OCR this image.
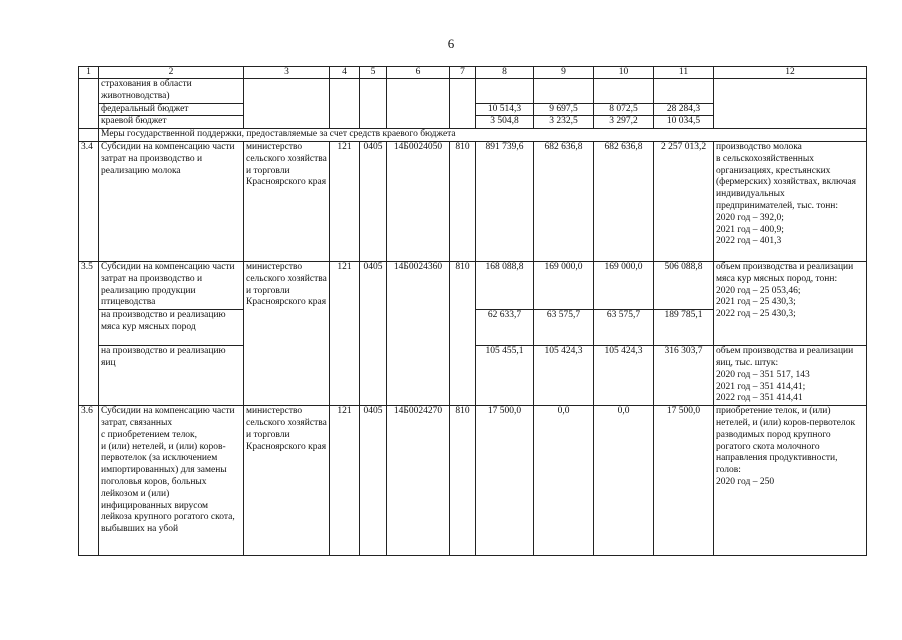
6
1	2	3	4	5	6	7	8	9	10	11	12
	страхования в области животноводства)										
	федеральный бюджет						10 514,3	9 697,5	8 072,5	28 284,3	
	краевой бюджет						3 504,8	3 232,5	3 297,2	10 034,5	
	Меры государственной поддержки, предоставляемые за счет средств краевого бюджета										
3.4	Субсидии на компенсацию части затрат на производство и реализацию молока	министерство сельского хозяйства и торговли Красноярского края	121	0405	14Б0024050	810	891 739,6	682 636,8	682 636,8	2 257 013,2	производство молока
в сельскохозяйственных организациях, крестьянских (фермерских) хозяйствах, включая индивидуальных предпринимателей, тыс. тонн:
2020 год – 392,0;
2021 год – 400,9;
2022 год – 401,3
3.5	Субсидии на компенсацию части затрат на производство и реализацию продукции птицеводства	министерство сельского хозяйства и торговли Красноярского края	121	0405	14Б0024360	810	168 088,8	169 000,0	169 000,0	506 088,8	объем производства и реализации мяса кур мясных пород, тонн:
2020 год – 25 053,46;
2021 год – 25 430,3;
2022 год – 25 430,3;
	на производство и реализацию мяса кур мясных пород						62 633,7	63 575,7	63 575,7	189 785,1	
	на производство и реализацию яиц						105 455,1	105 424,3	105 424,3	316 303,7	объем производства и реализации яиц, тыс. штук:
2020 год – 351 517, 143
2021 год – 351 414,41;
2022 год – 351 414,41
3.6	Субсидии на компенсацию части затрат, связанных
с приобретением телок,
и (или) нетелей, и (или) коров-первотелок (за исключением импортированных) для замены поголовья коров, больных лейкозом и (или) инфицированных вирусом лейкоза крупного рогатого скота, выбывших на убой	министерство сельского хозяйства и торговли Красноярского края	121	0405	14Б0024270	810	17 500,0	0,0	0,0	17 500,0	приобретение телок, и (или) нетелей, и (или) коров-первотелок разводимых пород крупного рогатого скота молочного направления продуктивности, голов:
2020 год – 250
